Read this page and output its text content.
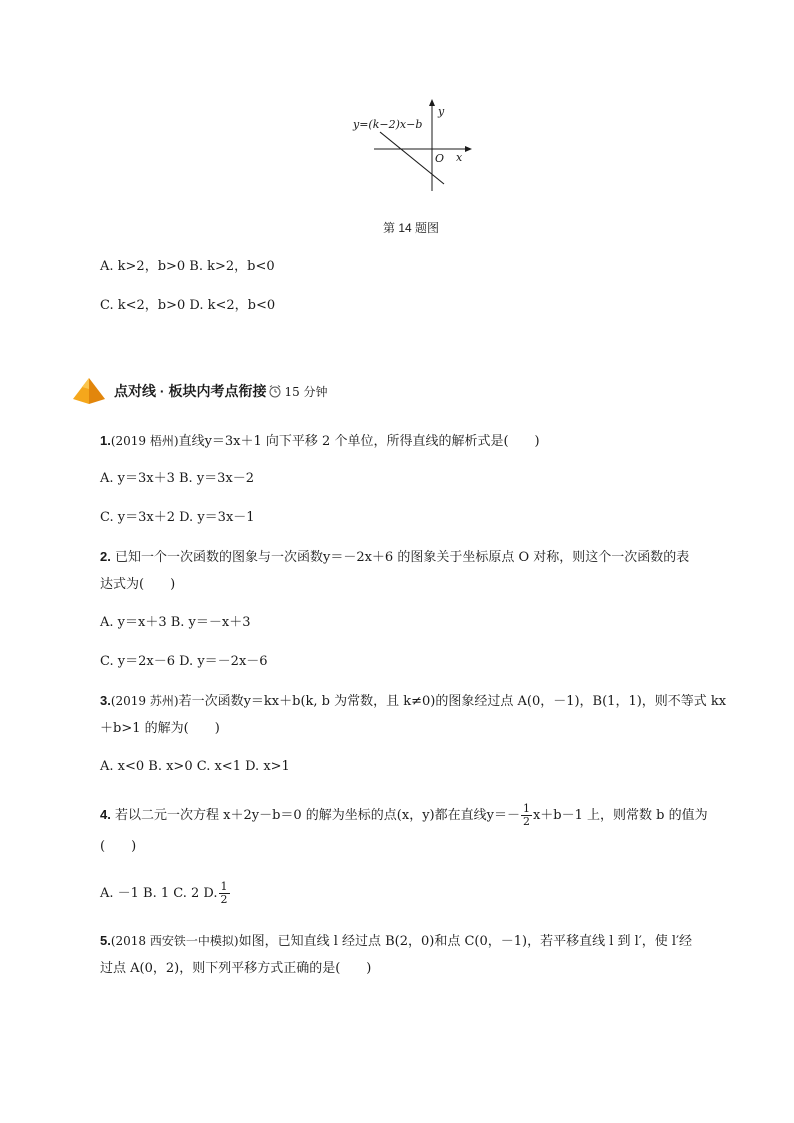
y=(k−2)x−b
y
x
O
第 14 题图
A. k>2，b>0 B. k>2，b<0
C. k<2，b>0 D. k<2，b<0
点对线 · 板块内考点衔接 15 分钟
1.(2019 梧州)直线y＝3x＋1 向下平移 2 个单位，所得直线的解析式是(　　)
A. y＝3x＋3 B. y＝3x－2
C. y＝3x＋2 D. y＝3x－1
2. 已知一个一次函数的图象与一次函数y＝－2x＋6 的图象关于坐标原点 O 对称，则这个一次函数的表
达式为(　　)
A. y＝x＋3 B. y＝－x＋3
C. y＝2x－6 D. y＝－2x－6
3.(2019 苏州)若一次函数y＝kx＋b(k, b 为常数，且 k≠0)的图象经过点 A(0，－1)，B(1，1)，则不等式 kx
＋b>1 的解为(　　)
A. x<0 B. x>0 C. x<1 D. x>1
4. 若以二元一次方程 x＋2y－b＝0 的解为坐标的点(x，y)都在直线$y=- \frac{1}{2} x+b-1$ 上，则常数 b 的值为
(　　)
A. －1 B. 1 C. 2 D. $\frac{1}{2}$
5.(2018 西安铁一中模拟)如图，已知直线 l 经过点 B(2，0)和点 C(0，－1)，若平移直线 l 到 l′，使 l′经
过点 A(0，2)，则下列平移方式正确的是(　　)
